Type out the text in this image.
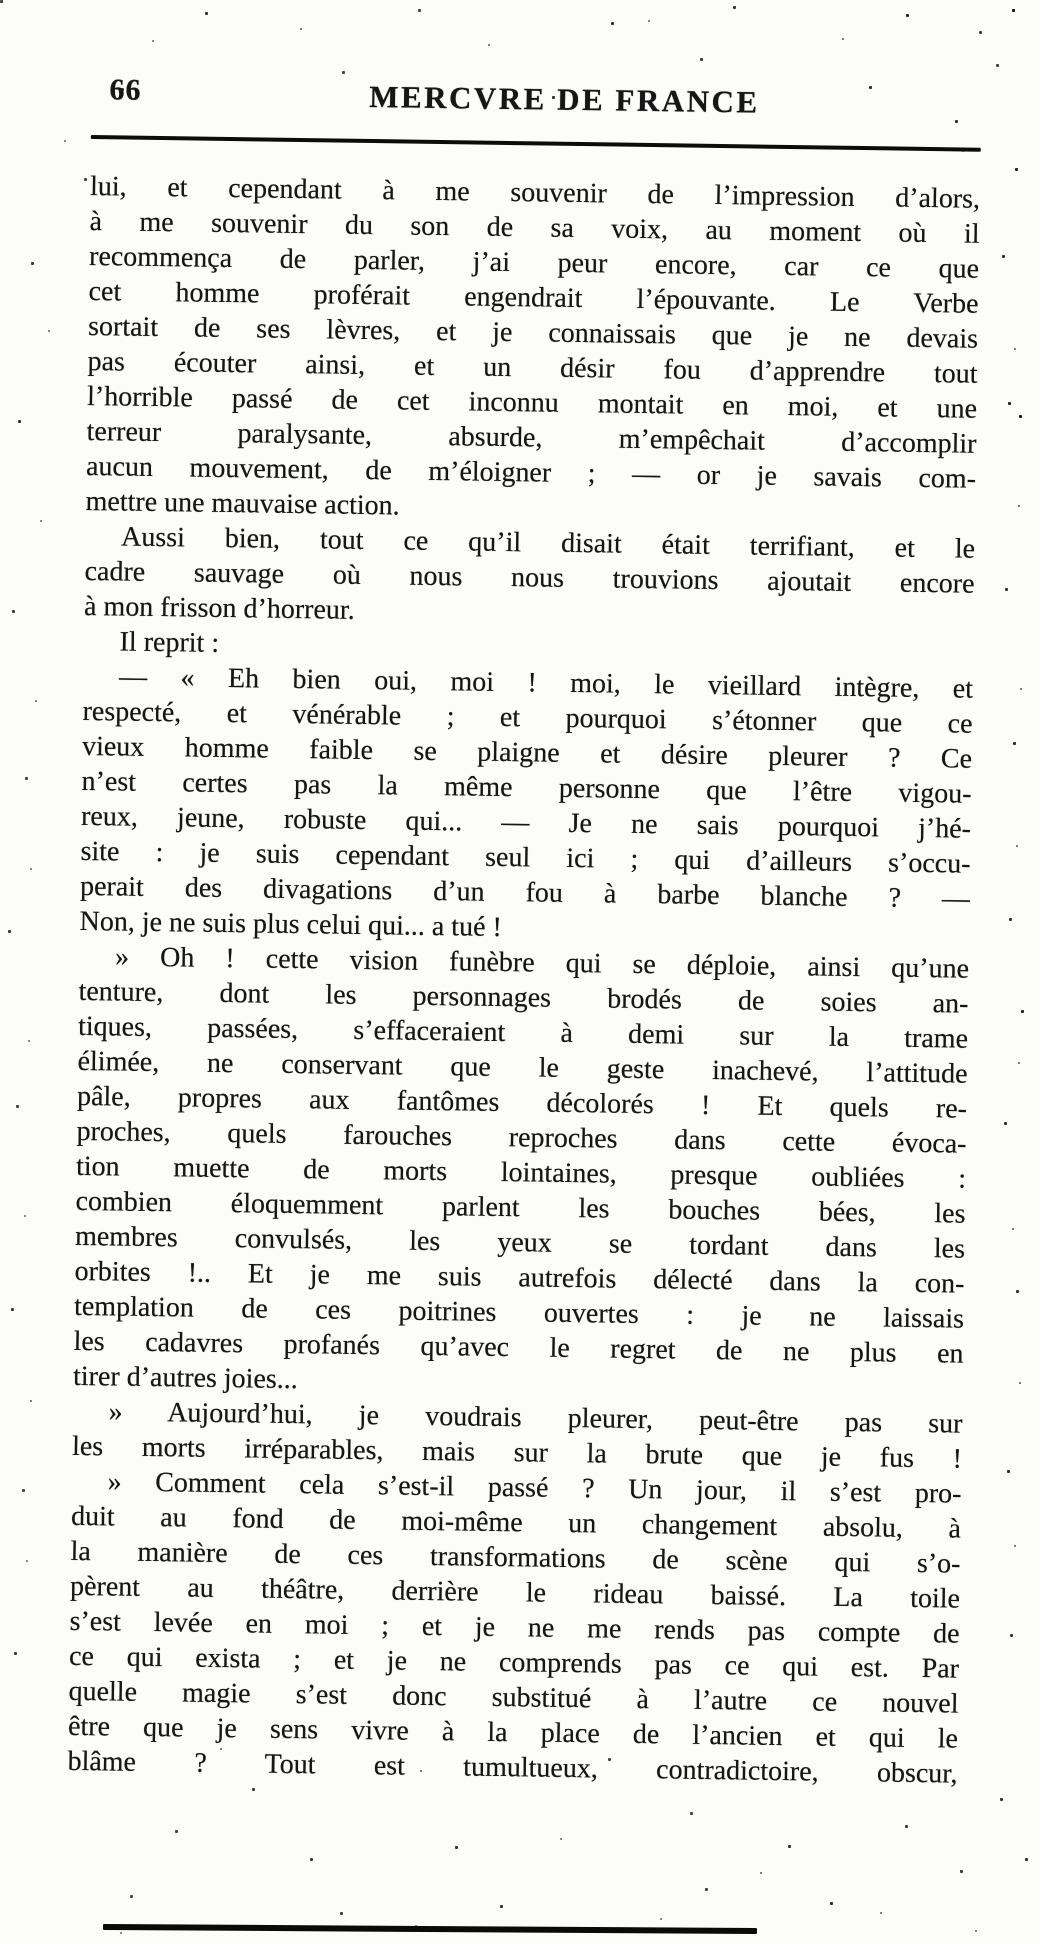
66	MERCVRE DE FRANCE
lui, et cependant à me souvenir de l’impression d’alors,
à me souvenir du son de sa voix, au moment où il
recommença de parler, j’ai peur encore, car ce que
cet homme proférait engendrait l’épouvante. Le Verbe
sortait de ses lèvres, et je connaissais que je ne devais
pas écouter ainsi, et un désir fou d’apprendre tout
l’horrible passé de cet inconnu montait en moi, et une
terreur paralysante, absurde, m’empêchait d’accomplir
aucun mouvement, de m’éloigner ; — or je savais com-
mettre une mauvaise action.
Aussi bien, tout ce qu’il disait était terrifiant, et le
cadre sauvage où nous nous trouvions ajoutait encore
à mon frisson d’horreur.
Il reprit :
— « Eh bien oui, moi ! moi, le vieillard intègre, et
respecté, et vénérable ; et pourquoi s’étonner que ce
vieux homme faible se plaigne et désire pleurer ? Ce
n’est certes pas la même personne que l’être vigou-
reux, jeune, robuste qui... — Je ne sais pourquoi j’hé-
site : je suis cependant seul ici ; qui d’ailleurs s’occu-
perait des divagations d’un fou à barbe blanche ? —
Non, je ne suis plus celui qui... a tué !
» Oh ! cette vision funèbre qui se déploie, ainsi qu’une
tenture, dont les personnages brodés de soies an-
tiques, passées, s’effaceraient à demi sur la trame
élimée, ne conservant que le geste inachevé, l’attitude
pâle, propres aux fantômes décolorés ! Et quels re-
proches, quels farouches reproches dans cette évoca-
tion muette de morts lointaines, presque oubliées :
combien éloquemment parlent les bouches bées, les
membres convulsés, les yeux se tordant dans les
orbites !.. Et je me suis autrefois délecté dans la con-
templation de ces poitrines ouvertes : je ne laissais
les cadavres profanés qu’avec le regret de ne plus en
tirer d’autres joies...
» Aujourd’hui, je voudrais pleurer, peut-être pas sur
les morts irréparables, mais sur la brute que je fus !
» Comment cela s’est-il passé ? Un jour, il s’est pro-
duit au fond de moi-même un changement absolu, à
la manière de ces transformations de scène qui s’o-
pèrent au théâtre, derrière le rideau baissé. La toile
s’est levée en moi ; et je ne me rends pas compte de
ce qui exista ; et je ne comprends pas ce qui est. Par
quelle magie s’est donc substitué à l’autre ce nouvel
être que je sens vivre à la place de l’ancien et qui le
blâme ? Tout est tumultueux, contradictoire, obscur,
